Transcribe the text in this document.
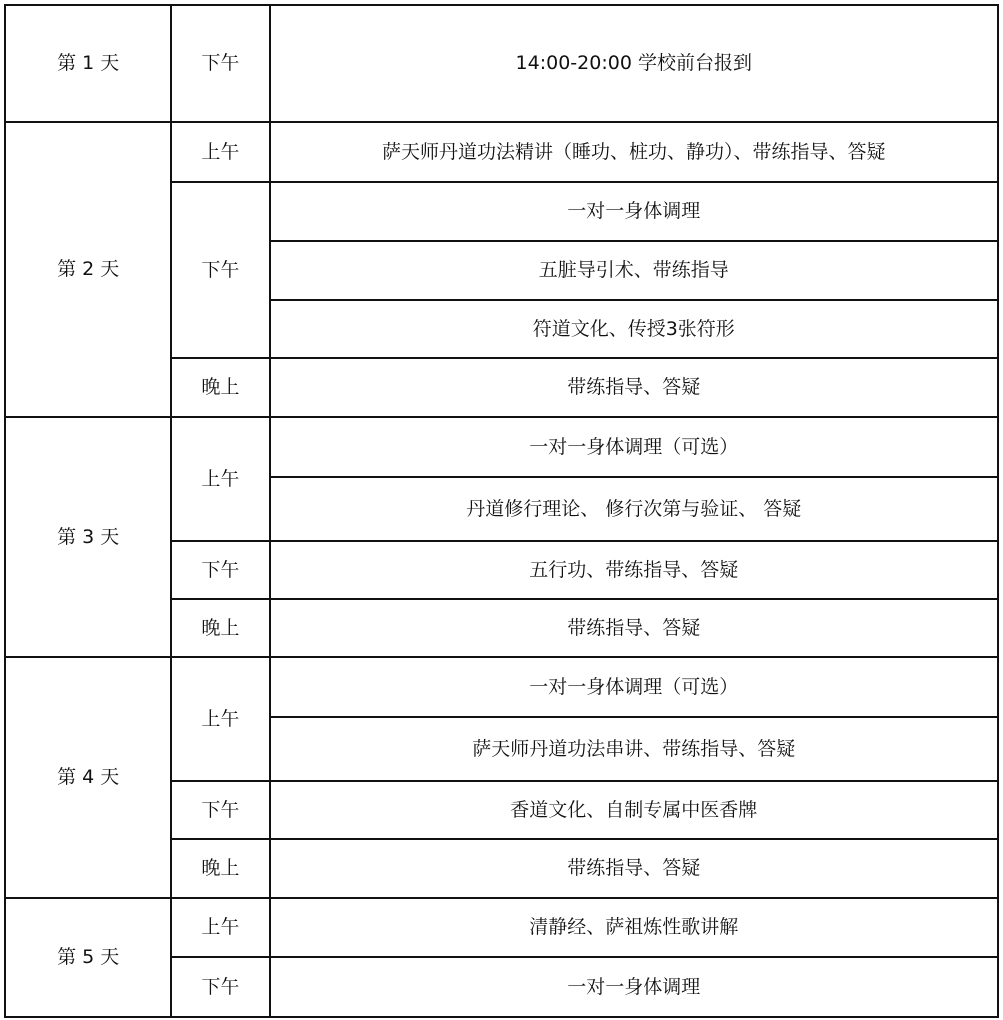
第 1 天	下午	14:00-20:00 学校前台报到
第 2 天	上午	萨天师丹道功法精讲（睡功、桩功、静功）、带练指导、答疑
	下午	一对一身体调理
		五脏导引术、带练指导
		符道文化、传授3张符形
	晚上	带练指导、答疑
第 3 天	上午	一对一身体调理（可选）
		丹道修行理论、 修行次第与验证、 答疑
	下午	五行功、带练指导、答疑
	晚上	带练指导、答疑
第 4 天	上午	一对一身体调理（可选）
		萨天师丹道功法串讲、带练指导、答疑
	下午	香道文化、自制专属中医香牌
	晚上	带练指导、答疑
第 5 天	上午	清静经、萨祖炼性歌讲解
	下午	一对一身体调理
